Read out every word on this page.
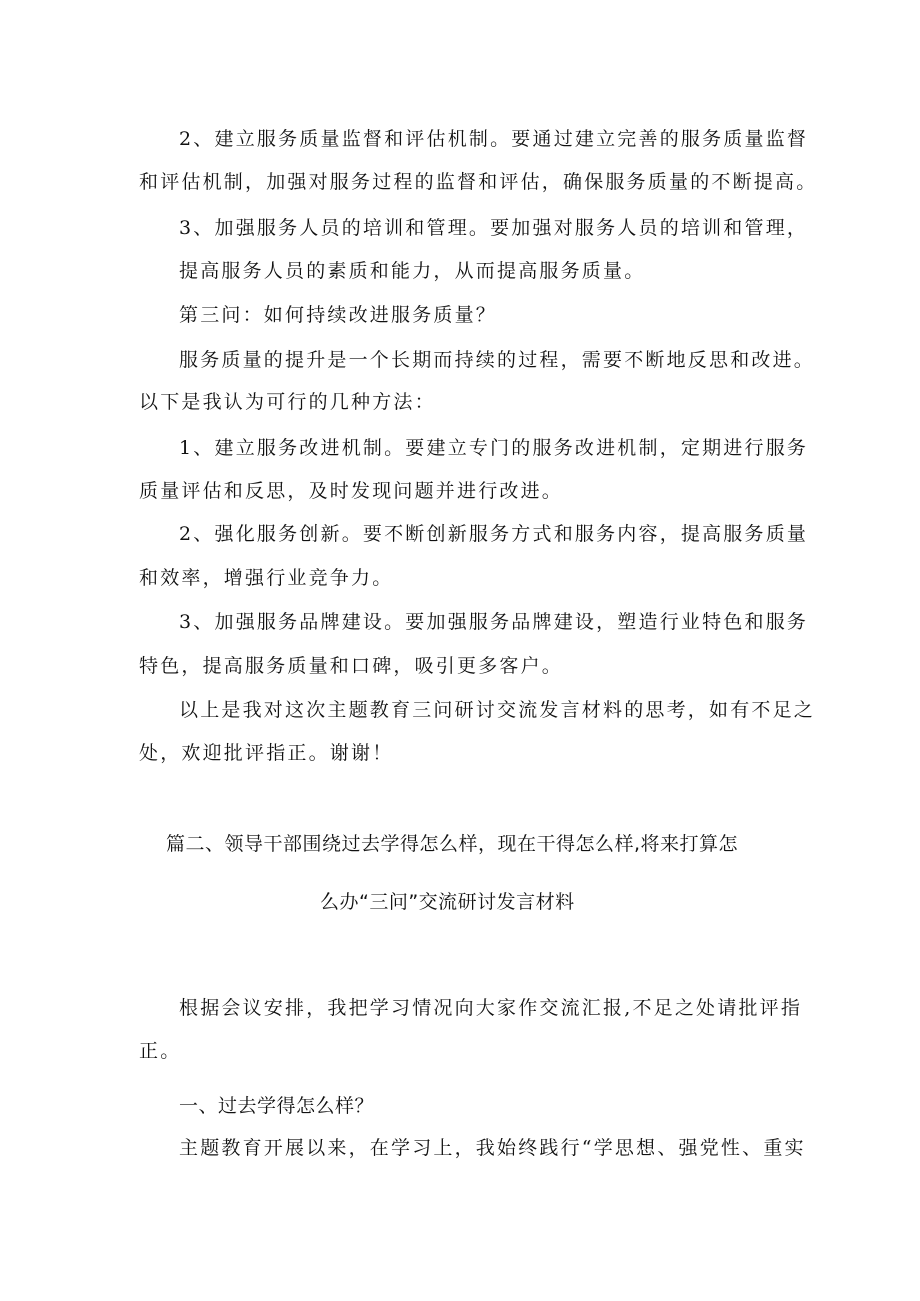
2、建立服务质量监督和评估机制。要通过建立完善的服务质量监督
和评估机制，加强对服务过程的监督和评估，确保服务质量的不断提高。
3、加强服务人员的培训和管理。要加强对服务人员的培训和管理，
提高服务人员的素质和能力，从而提高服务质量。
第三问：如何持续改进服务质量？
服务质量的提升是一个长期而持续的过程，需要不断地反思和改进。
以下是我认为可行的几种方法：
1、建立服务改进机制。要建立专门的服务改进机制，定期进行服务
质量评估和反思，及时发现问题并进行改进。
2、强化服务创新。要不断创新服务方式和服务内容，提高服务质量
和效率，增强行业竞争力。
3、加强服务品牌建设。要加强服务品牌建设，塑造行业特色和服务
特色，提高服务质量和口碑，吸引更多客户。
以上是我对这次主题教育三问研讨交流发言材料的思考，如有不足之
处，欢迎批评指正。谢谢！
篇二、领导干部围绕过去学得怎么样，现在干得怎么样,将来打算怎
么办“三问”交流研讨发言材料
根据会议安排，我把学习情况向大家作交流汇报,不足之处请批评指
正。
一、过去学得怎么样？
主题教育开展以来，在学习上，我始终践行“学思想、强党性、重实
